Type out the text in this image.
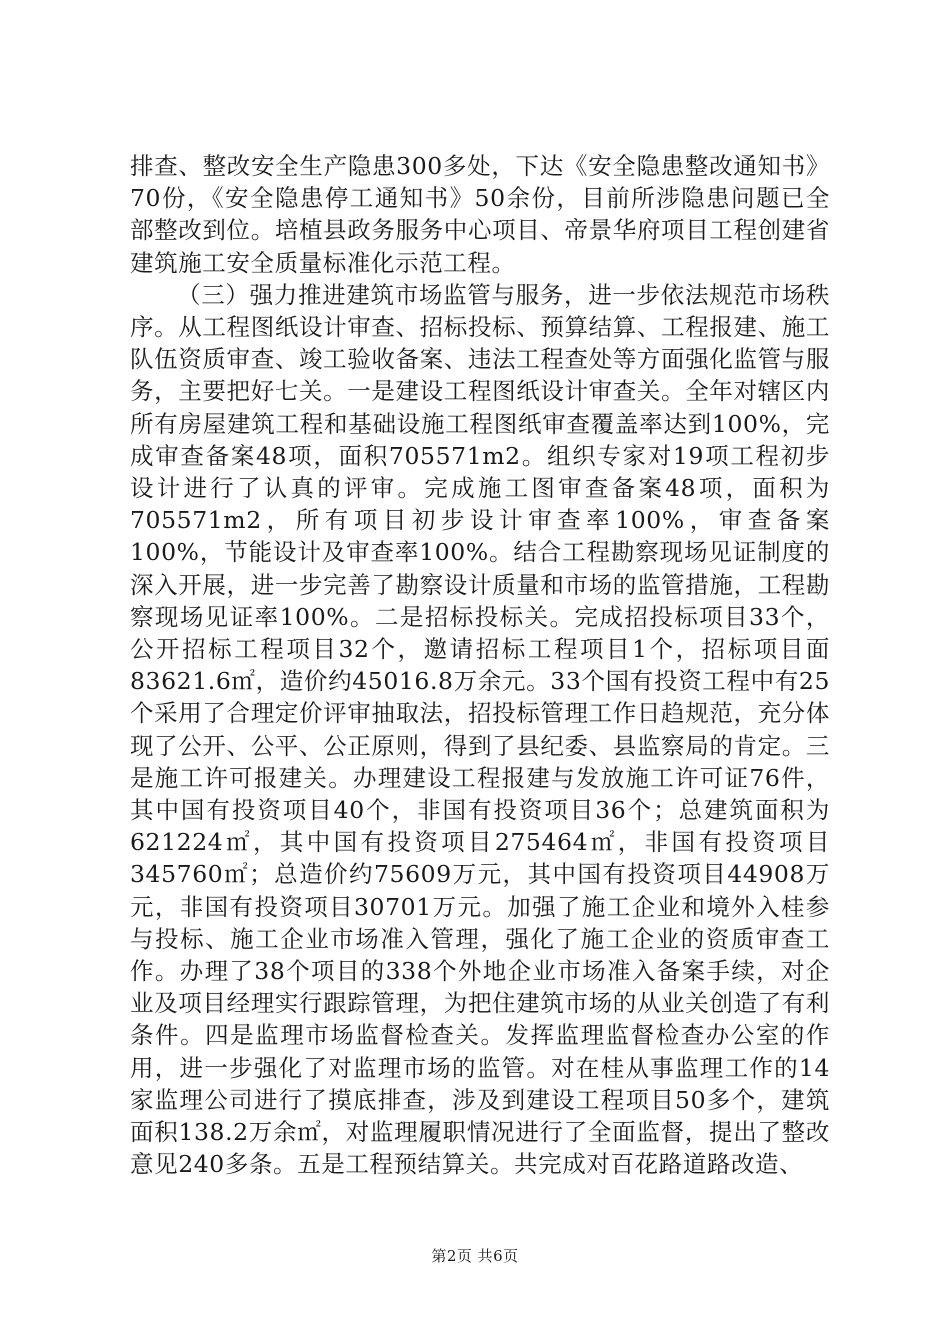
排查、整改安全生产隐患300多处，下达《安全隐患整改通知书》70份，《安全隐患停工通知书》50余份，目前所涉隐患问题已全部整改到位。培植县政务服务中心项目、帝景华府项目工程创建省建筑施工安全质量标准化示范工程。

（三）强力推进建筑市场监管与服务，进一步依法规范市场秩序。从工程图纸设计审查、招标投标、预算结算、工程报建、施工队伍资质审查、竣工验收备案、违法工程查处等方面强化监管与服务，主要把好七关。一是建设工程图纸设计审查关。全年对辖区内所有房屋建筑工程和基础设施工程图纸审查覆盖率达到100%，完成审查备案48项，面积705571m2。组织专家对19项工程初步设计进行了认真的评审。完成施工图审查备案48项，面积为705571m2，所有项目初步设计审查率100%，审查备案100%，节能设计及审查率100%。结合工程勘察现场见证制度的深入开展，进一步完善了勘察设计质量和市场的监管措施，工程勘察现场见证率100%。二是招标投标关。完成招投标项目33个，公开招标工程项目32个，邀请招标工程项目1个，招标项目面83621.6㎡，造价约45016.8万余元。33个国有投资工程中有25个采用了合理定价评审抽取法，招投标管理工作日趋规范，充分体现了公开、公平、公正原则，得到了县纪委、县监察局的肯定。三是施工许可报建关。办理建设工程报建与发放施工许可证76件，其中国有投资项目40个，非国有投资项目36个；总建筑面积为621224㎡，其中国有投资项目275464㎡，非国有投资项目345760㎡；总造价约75609万元，其中国有投资项目44908万元，非国有投资项目30701万元。加强了施工企业和境外入桂参与投标、施工企业市场准入管理，强化了施工企业的资质审查工作。办理了38个项目的338个外地企业市场准入备案手续，对企业及项目经理实行跟踪管理，为把住建筑市场的从业关创造了有利条件。四是监理市场监督检查关。发挥监理监督检查办公室的作用，进一步强化了对监理市场的监管。对在桂从事监理工作的14家监理公司进行了摸底排查，涉及到建设工程项目50多个，建筑面积138.2万余㎡，对监理履职情况进行了全面监督，提出了整改意见240多条。五是工程预结算关。共完成对百花路道路改造、

第2页 共6页
